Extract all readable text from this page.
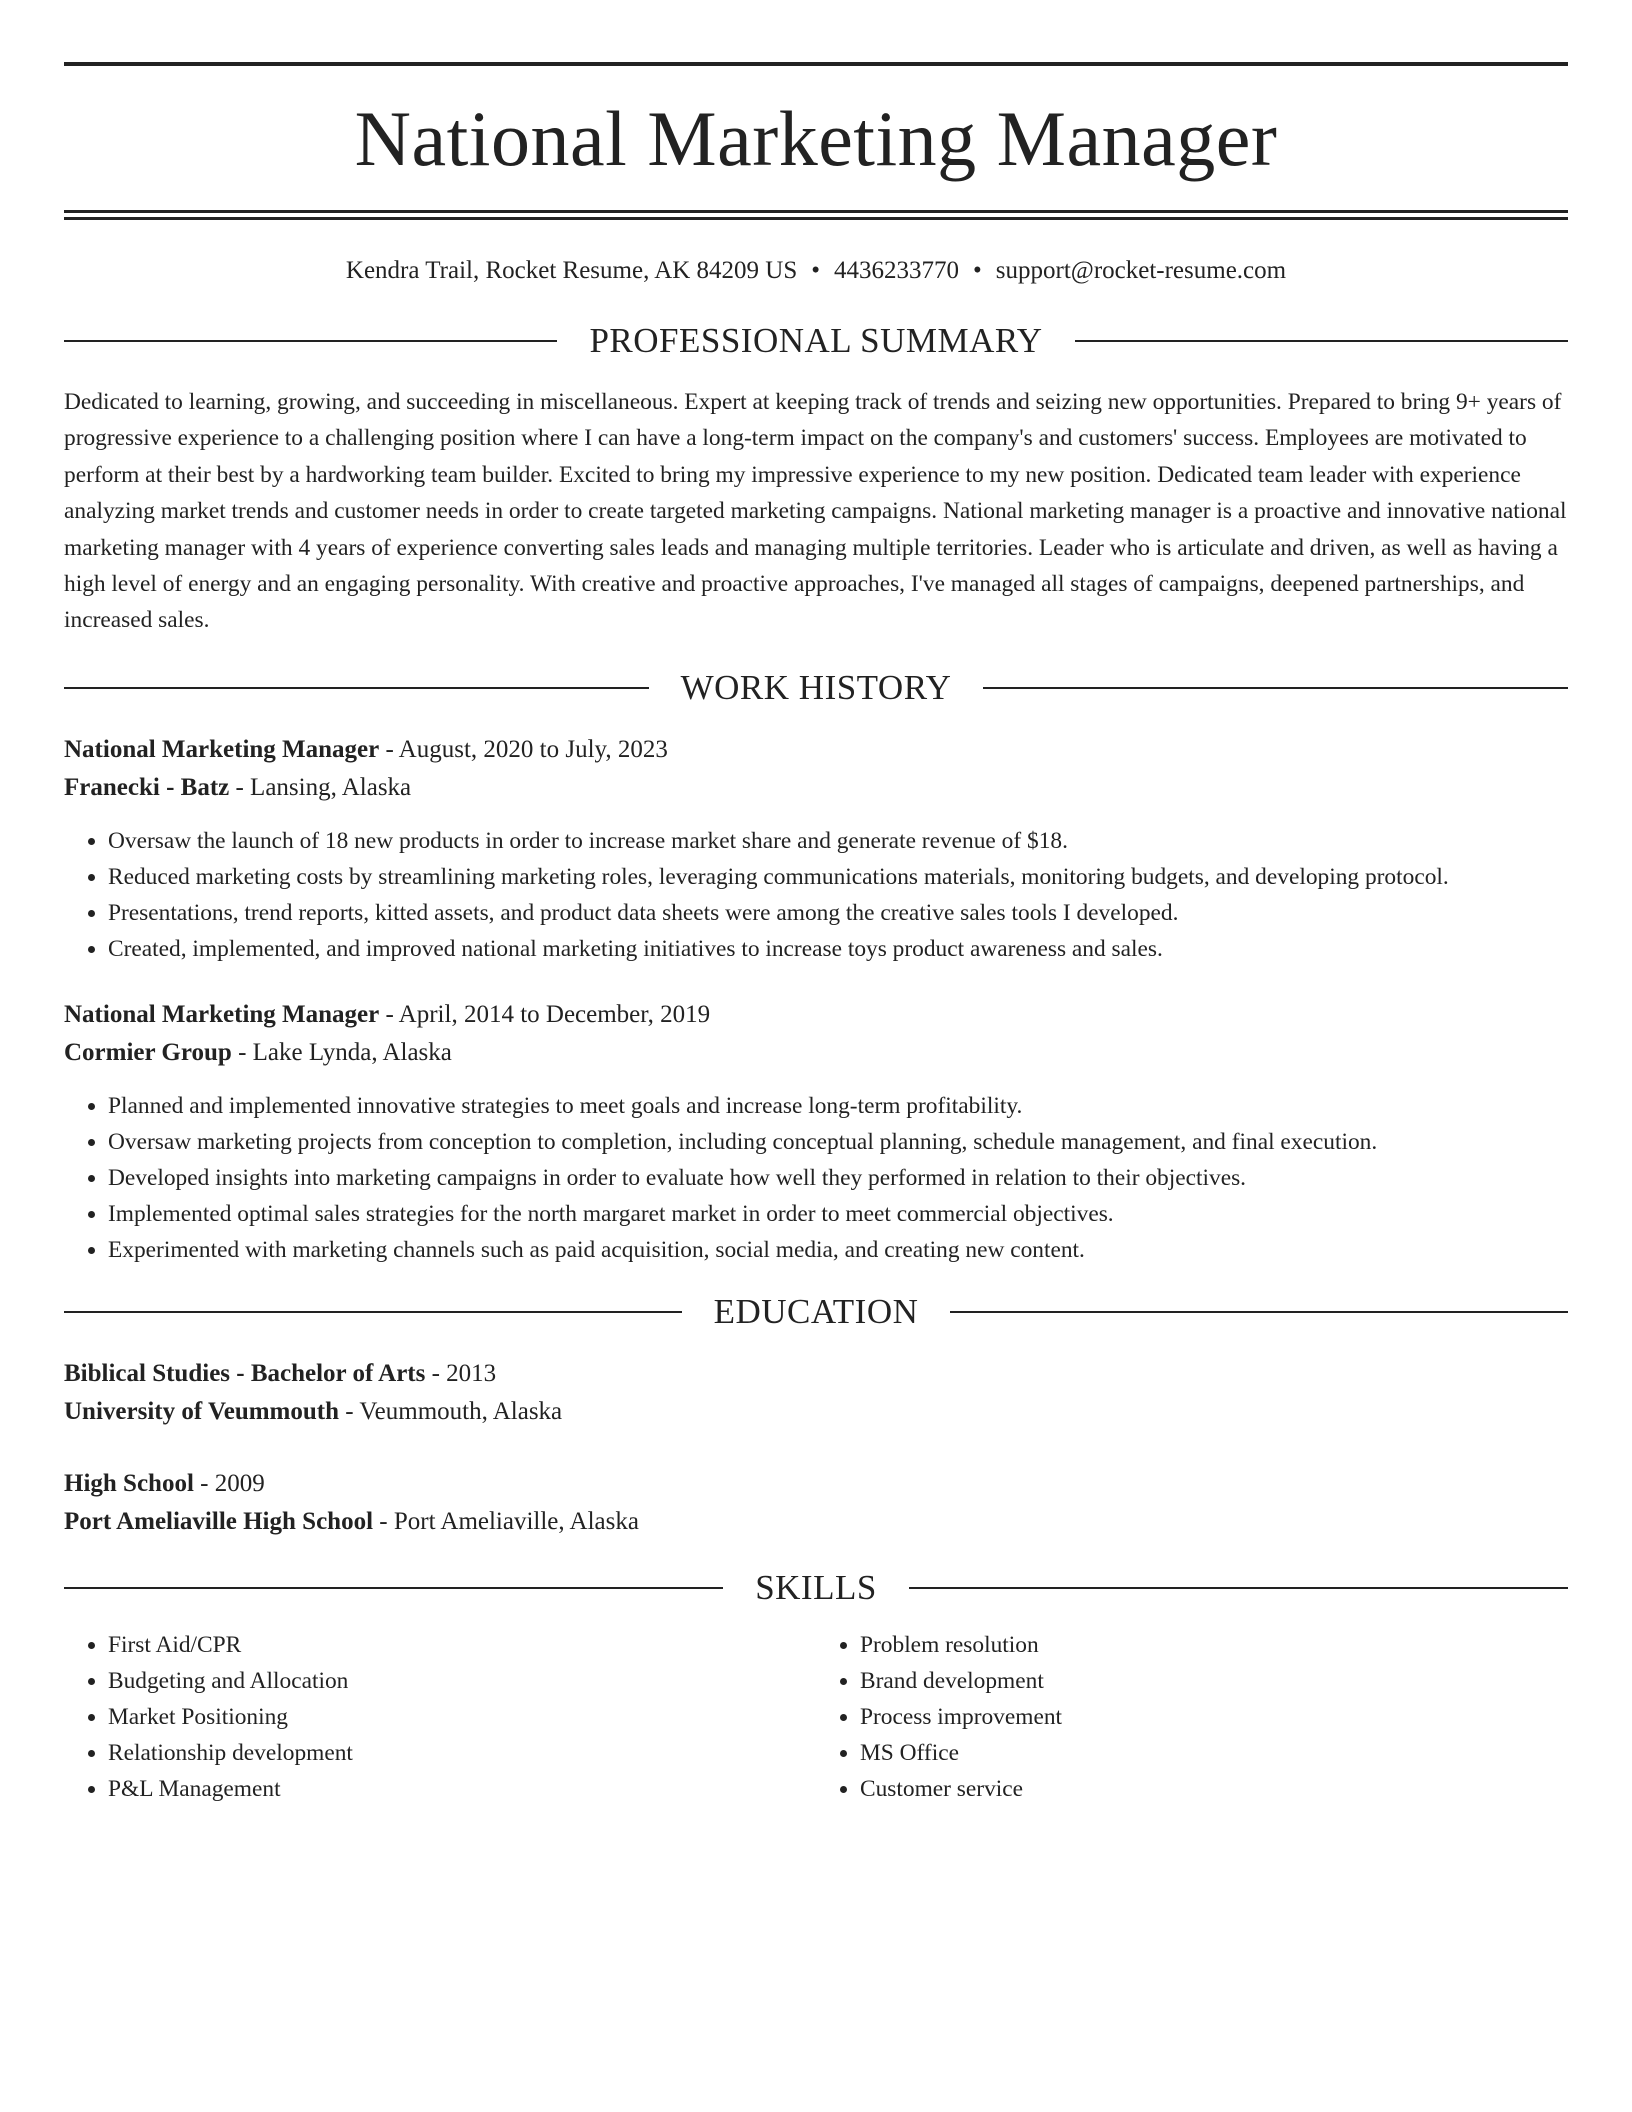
National Marketing Manager
Kendra Trail, Rocket Resume, AK 84209 US • 4436233770 • support@rocket-resume.com
PROFESSIONAL SUMMARY

Dedicated to learning, growing, and succeeding in miscellaneous. Expert at keeping track of trends and seizing new opportunities. Prepared to bring 9+ years of progressive experience to a challenging position where I can have a long-term impact on the company's and customers' success. Employees are motivated to perform at their best by a hardworking team builder. Excited to bring my impressive experience to my new position. Dedicated team leader with experience analyzing market trends and customer needs in order to create targeted marketing campaigns. National marketing manager is a proactive and innovative national marketing manager with 4 years of experience converting sales leads and managing multiple territories. Leader who is articulate and driven, as well as having a high level of energy and an engaging personality. With creative and proactive approaches, I've managed all stages of campaigns, deepened partnerships, and increased sales.

WORK HISTORY
National Marketing Manager - August, 2020 to July, 2023
Franecki - Batz - Lansing, Alaska
• Oversaw the launch of 18 new products in order to increase market share and generate revenue of $18.
• Reduced marketing costs by streamlining marketing roles, leveraging communications materials, monitoring budgets, and developing protocol.
• Presentations, trend reports, kitted assets, and product data sheets were among the creative sales tools I developed.
• Created, implemented, and improved national marketing initiatives to increase toys product awareness and sales.
National Marketing Manager - April, 2014 to December, 2019
Cormier Group - Lake Lynda, Alaska
• Planned and implemented innovative strategies to meet goals and increase long-term profitability.
• Oversaw marketing projects from conception to completion, including conceptual planning, schedule management, and final execution.
• Developed insights into marketing campaigns in order to evaluate how well they performed in relation to their objectives.
• Implemented optimal sales strategies for the north margaret market in order to meet commercial objectives.
• Experimented with marketing channels such as paid acquisition, social media, and creating new content.
EDUCATION
Biblical Studies - Bachelor of Arts - 2013
University of Veummouth - Veummouth, Alaska
High School - 2009
Port Ameliaville High School - Port Ameliaville, Alaska
SKILLS
• First Aid/CPR
• Budgeting and Allocation
• Market Positioning
• Relationship development
• P&L Management
• Problem resolution
• Brand development
• Process improvement
• MS Office
• Customer service
